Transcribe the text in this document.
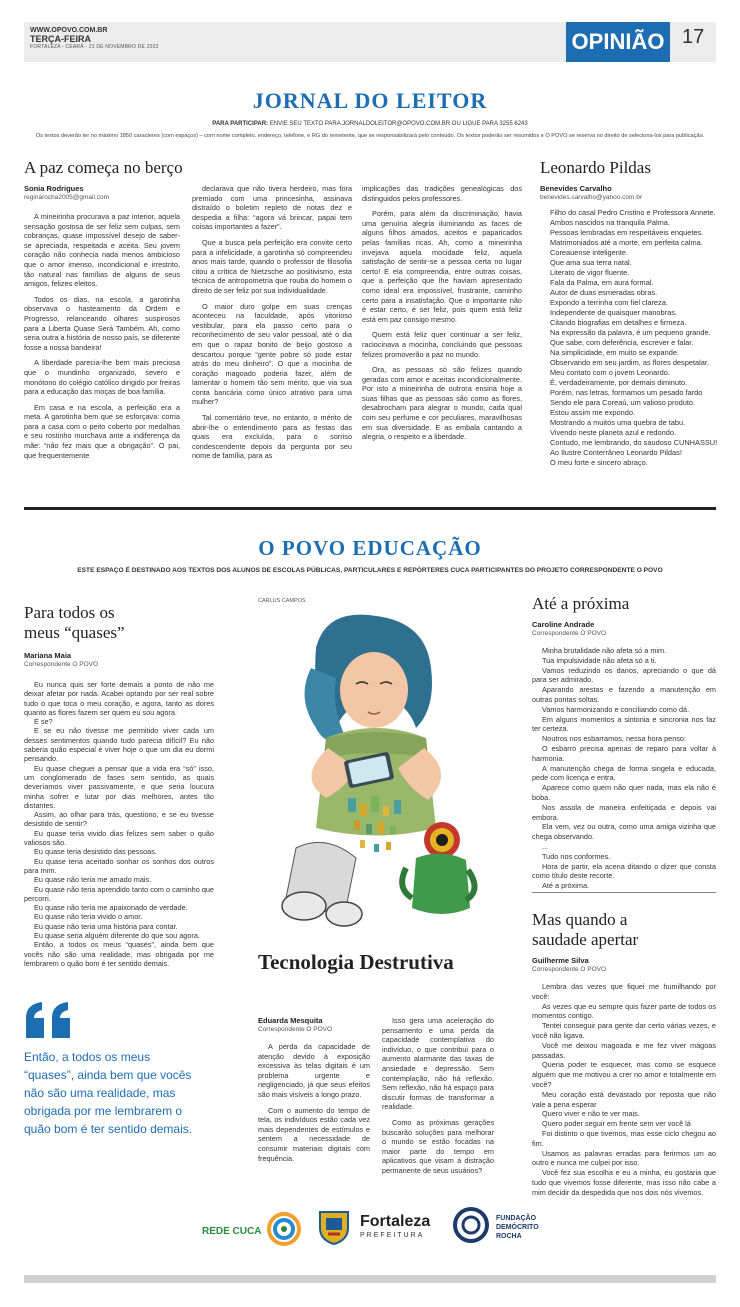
WWW.OPOVO.COM.BR
TERÇA-FEIRA
FORTALEZA - CEARÁ - 21 DE NOVEMBRO DE 2023	OPINIÃO 17
JORNAL DO LEITOR
PARA PARTICIPAR: ENVIE SEU TEXTO PARA JORNALDOLEITOR@OPOVO.COM.BR OU LIGUE PARA 3255 6243
Os textos deverão ter no máximo 1850 caracteres (com espaços) – com nome completo, endereço, telefone, e RG do remetente, que se responsabilizará pelo conteúdo. Os textos poderão ser resumidos e O POVO se reserva no direito de seleciona-los para publicação.
A paz começa no berço
Sonia Rodrigues
reginarocha2005@gmail.com

A mineirinha procurava a paz interior, aquela sensação gostosa de ser feliz sem culpas, sem cobranças, quase impossível desejo de saber-se apreciada, respeitada e aceita. Seu jovem coração não conhecia nada menos ambicioso que o amor imenso, incondicional e irrestrito, tão natural nas famílias de alguns de seus amigos, felizes eleitos.

Todos os dias, na escola, a garotinha observava o hasteamento da Ordem e Progresso, relanceando olhares suspirosos para a Liberta Quase Será Também. Ah, como seria outra a história de nosso país, se diferente fosse a nossa bandeira!

A liberdade parecia-lhe bem mais preciosa que o mundinho organizado, severo e monótono do colégio católico dirigido por freiras para a educação das moças de boa família.

Em casa e na escola, a perfeição era a meta. A garotinha bem que se esforçava: corria para a casa com o peito coberto por medalhas e seu rostinho murchava ante a indiferença da mãe: “não fez mais que a obrigação”. O pai, que frequentemente

declarava que não tivera herdeiro, mas fora premiado com uma princesinha, assinava distraído o boletim repleto de notas dez e despedia a filha: “agora vá brincar, papai tem coisas importantes a fazer”.

Que a busca pela perfeição era convite certo para a infelicidade, a garotinha só compreendeu anos mais tarde, quando o professor de filosofia citou a crítica de Nietzsche ao positivismo, esta técnica de antropometria que rouba do homem o direito de ser feliz por sua individualidade.

O maior duro golpe em suas crenças aconteceu na faculdade, após vitorioso vestibular, para ela passo certo para o reconhecimento de seu valor pessoal, até o dia em que o rapaz bonito de beijo gostoso a descartou porque “gente pobre só pode estar atrás do meu dinheiro”. O que a mocinha de coração magoado poderia fazer, além de lamentar o homem tão sem mérito, que via sua conta bancária como único atrativo para uma mulher?

Tal comentário teve, no entanto, o mérito de abrir-lhe o entendimento para as festas das quais era excluída, para o sorriso condescendente depois da pergunta por seu nome de família, para as

implicações das tradições genealógicas dos distinguidos pelos professores.

Porém, para além da discriminação, havia uma genuína alegria iluminando as faces de alguns filhos amados, aceitos e paparicados pelas famílias ricas. Ah, como a mineirinha invejava aquela mocidade feliz, aquela satisfação de sentir-se a pessoa certa no lugar certo! E ela compreendia, entre outras coisas, que a perfeição que lhe haviam apresentado como ideal era impossível, frustrante, caminho certo para a insatisfação. Que o importante não é estar certo, é ser feliz, pois quem está feliz está em paz consigo mesmo.

Quem está feliz quer continuar a ser feliz, raciocinava a mocinha, concluindo que pessoas felizes promoverão a paz no mundo.

Ora, as pessoas só são felizes quando geradas com amor e aceitas incondicionalmente. Por isto a mineirinha de outrora ensina hoje a suas filhas que as pessoas são como as flores, desabrocham para alegrar o mundo, cada qual com seu perfume e cor peculiares, maravilhosas em sua diversidade. E as embala cantando a alegria, o respeito e a liberdade.

Leonardo Pildas
Benevides Carvalho
benevides.carvalho@yahoo.com.br

Filho do casal Pedro Cristino e Professora Annete.

Ambos nascidos na tranquila Palma.

Pessoas lembradas em respeitáveis enquetes.

Matrimoniados até a morte, em perfeita calma.

Coreauense inteligente.

Que ama sua terra natal.

Literato de vigor fluente.

Fala da Palma, em aura formal.

Autor de duas esmeradas obras.

Expondo a terrinha com fiel clareza.

Independente de quaisquer manobras.

Citando biografias em detalhes e firmeza.

Na expressão da palavra, é um pequeno grande.

Que sabe, com deferência, escrever e falar.

Na simplicidade, em muito se expande.

Observando em seu jardim, as flores despetalar.

Meu contato com o jovem Leonardo.

É, verdadeiramente, por demais diminuto.

Porém, nas letras, formamos um pesado fardo

Sendo ele para Coreaú, um valioso produto.

Estou assim me expondo.

Mostrando a muitos uma quebra de tabu.

Vivendo neste planeta azul e redondo.

Contudo, me lembrando, do saudoso CUNHASSU!

Ao Ilustre Conterrâneo Leonardo Pildas!

O meu forte e sincero abraço.

O POVO EDUCAÇÃO
ESTE ESPAÇO É DESTINADO AOS TEXTOS DOS ALUNOS DE ESCOLAS PÚBLICAS, PARTICULARES E REPÓRTERES CUCA PARTICIPANTES DO PROJETO CORRESPONDENTE O POVO
Para todos os
meus “quases”
Mariana Maia
Correspondente O POVO

Eu nunca quis ser forte demais a ponto de não me deixar afetar por nada. Acabei optando por ser real sobre tudo o que toca o meu coração, e agora, tanto as dores quanto as flores fazem ser quem eu sou agora.

E se?

E se eu não tivesse me permitido viver cada um desses sentimentos quando tudo parecia difícil? Eu não saberia quão especial é viver hoje o que um dia eu dormi pensando.

Eu quase cheguei a pensar que a vida era “só” isso, um conglomerado de fases sem sentido, as quais deveríamos viver passivamente, e que seria loucura minha sofrer e lutar por dias melhores, antes tão distantes.

Assim, ao olhar para trás, questiono, e se eu tivesse desistido de sentir?

Eu quase teria vivido dias felizes sem saber o quão valiosos são.

Eu quase teria desistido das pessoas.

Eu quase teria aceitado sonhar os sonhos dos outros para mim.

Eu quase não teria me amado mais.

Eu quase não teria aprendido tanto com o caminho que percorri.

Eu quase não teria me apaixonado de verdade.

Eu quase não teria vivido o amor.

Eu quase não teria uma história para contar.

Eu quase seria alguém diferente do que sou agora.

Então, a todos os meus “quases”, ainda bem que vocês não são uma realidade, mas obrigada por me lembrarem o quão bom é ter sentido demais.

Então, a todos os meus “quases”, ainda bem que vocês não são uma realidade, mas obrigada por me lembrarem o quão bom é ter sentido demais.
CARLUS CAMPOS
Tecnologia Destrutiva
Eduarda Mesquita
Correspondente O POVO

A perda da capacidade de atenção devido à exposição excessiva às telas digitais é um problema urgente e negligenciado, já que seus efeitos são mais visíveis a longo prazo.

Com o aumento do tempo de tela, os indivíduos estão cada vez mais dependentes de estímulos e sentem a necessidade de consumir materiais digitais com frequência.

Isso gera uma aceleração do pensamento e uma perda da capacidade contemplativa do indivíduo, o que contribui para o aumento alarmante das taxas de ansiedade e depressão. Sem contemplação, não há reflexão. Sem reflexão, não há espaço para discutir formas de transformar a realidade.

Como as próximas gerações buscarão soluções para melhorar o mundo se estão focadas na maior parte do tempo em aplicativos que visam à distração permanente de seus usuários?

Até a próxima
Caroline Andrade
Correspondente O POVO

Minha brutalidade não afeta só a mim.

Tua impulsividade não afeta só a ti.

Vamos reduzindo os danos, apreciando o que dá para ser admirado.

Aparando arestas e fazendo a manutenção em outras pontas soltas.

Vamos harmonizando e conciliando como dá.

Em alguns momentos a sintonia e sincronia nos faz ter certeza.

Noutros nos esbarramos, nessa hora penso:

O esbarro precisa apenas de reparo para voltar à harmonia.

A manutenção chega de forma singela e educada, pede com licença e entra.

Aparece como quem não quer nada, mas ela não é boba.

Nos assola de maneira enfeitiçada e depois vai embora.

Ela vem, vez ou outra, como uma amiga vizinha que chega observando.

...

Tudo nos conformes.

Hora de partir, ela acena ditando o dizer que consta como título deste recorte.

Até a próxima.

Mas quando a
saudade apertar
Guilherme Silva
Correspondente O POVO

Lembra das vezes que fiquei me humilhando por você:

As vezes que eu sempre quis fazer parte de todos os momentos contigo.

Tentei conseguir para gente dar certo várias vezes, e você não ligava.

Você me deixou magoada e me fez viver mágoas passadas.

Queria poder te esquecer, mas como se esquece alguém que me motivou a crer no amor e totalmente em você?

Meu coração está devastado por reposta que não vale a pena esperar

Quero viver e não te ver mais.

Quero poder seguir em frente sem ver você lá

Foi distinto o que tivemos, mas esse ciclo chegou ao fim.

Usamos as palavras erradas para ferirmos um ao outro e nunca me culpei por isso.

Você fez sua escolha e eu a minha, eu gostaria que tudo que vivemos fosse diferente, mas isso não cabe a mim decidir da despedida que nos dois nós vivemos.

REDE CUCA
Fortaleza
PREFEITURA
FUNDAÇÃO
DEMÓCRITO
ROCHA
